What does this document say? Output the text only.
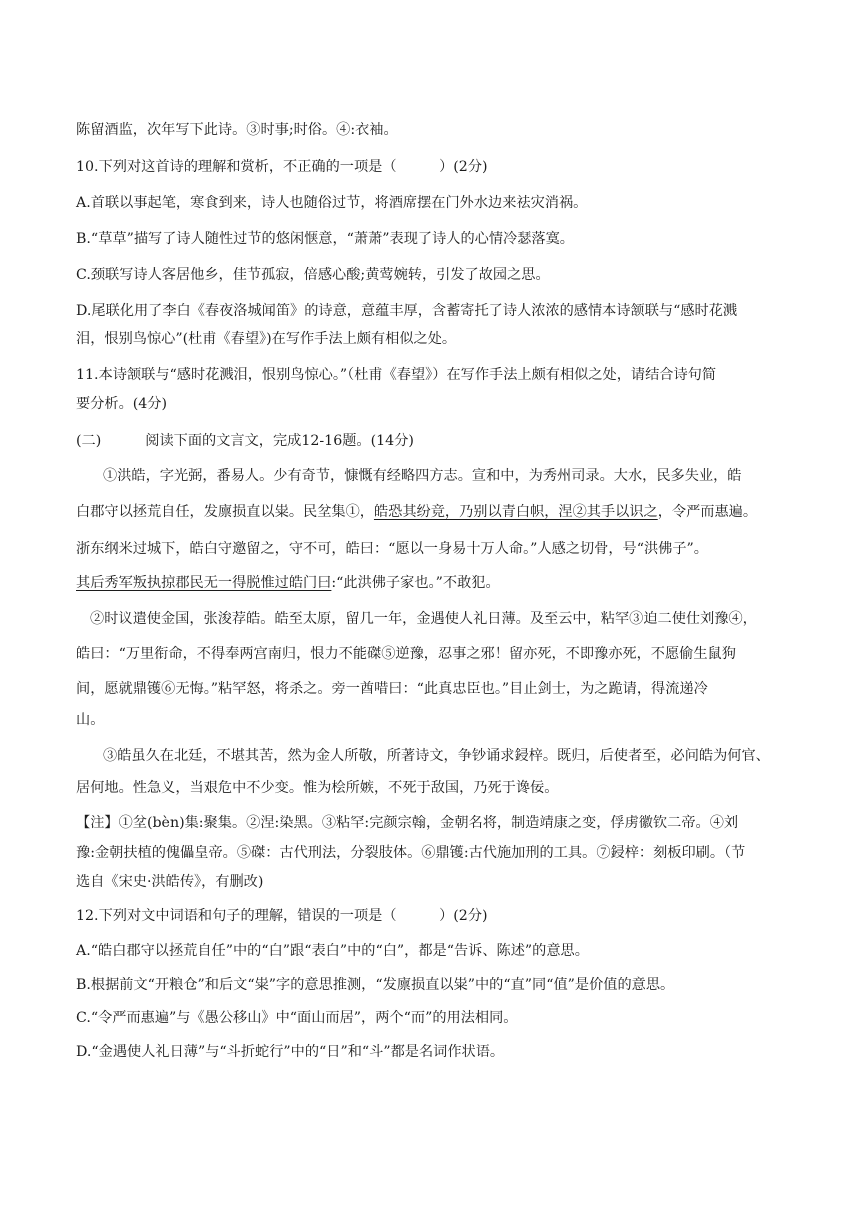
陈留酒监，次年写下此诗。③时事;时俗。④:衣袖。
10.下列对这首诗的理解和赏析，不正确的一项是（　　　）(2分)
A.首联以事起笔，寒食到来，诗人也随俗过节，将酒席摆在门外水边来祛灾消祸。
B.“草草”描写了诗人随性过节的悠闲惬意，“萧萧”表现了诗人的心情冷瑟落寞。
C.颈联写诗人客居他乡，佳节孤寂，倍感心酸;黄莺婉转，引发了故园之思。
D.尾联化用了李白《春夜洛城闻笛》的诗意，意蕴丰厚，含蓄寄托了诗人浓浓的感情本诗颔联与“感时花溅
泪，恨别鸟惊心”(杜甫《春望》)在写作手法上颇有相似之处。
11.本诗颔联与“感时花溅泪，恨别鸟惊心。”（杜甫《春望》）在写作手法上颇有相似之处，请结合诗句简
要分析。(4分)
(二)	阅读下面的文言文，完成12-16题。(14分)
①洪皓，字光弼，番易人。少有奇节，慷慨有经略四方志。宣和中，为秀州司录。大水，民多失业，皓
白郡守以拯荒自任，发廪损直以粜。民坌集①，皓恐其纷竞，乃别以青白帜，涅②其手以识之，令严而惠遍。
浙东纲米过城下，皓白守邀留之，守不可，皓曰：“愿以一身易十万人命。”人感之切骨，号“洪佛子”。
其后秀军叛执掠郡民无一得脱惟过皓门曰:“此洪佛子家也。”不敢犯。
②时议遣使金国，张浚荐皓。皓至太原，留几一年，金遇使人礼日薄。及至云中，粘罕③迫二使仕刘豫④，
皓曰：“万里衔命，不得奉两宫南归，恨力不能磔⑤逆豫，忍事之邪！留亦死，不即豫亦死，不愿偷生鼠狗
间，愿就鼎镬⑥无悔。”粘罕怒，将杀之。旁一酋唶曰：“此真忠臣也。”目止剑士，为之跪请，得流递冷
山。
③皓虽久在北廷，不堪其苦，然为金人所敬，所著诗文，争钞诵求鋟梓。既归，后使者至，必问皓为何官、
居何地。性急义，当艰危中不少变。惟为桧所嫉，不死于敌国，乃死于谗佞。
【注】①坌(bèn)集:聚集。②涅:染黑。③粘罕:完颜宗翰，金朝名将，制造靖康之变，俘虏徽钦二帝。④刘
豫:金朝扶植的傀儡皇帝。⑤磔：古代刑法，分裂肢体。⑥鼎镬:古代施加刑的工具。⑦鋟梓：刻板印刷。（节
选自《宋史·洪皓传》，有删改)
12.下列对文中词语和句子的理解，错误的一项是（　　　）(2分)
A.“皓白郡守以拯荒自任”中的“白”跟“表白”中的“白”，都是“告诉、陈述”的意思。
B.根据前文“开粮仓”和后文“粜”字的意思推测，“发廪损直以粜”中的“直”同“值”是价值的意思。
C.“令严而惠遍”与《愚公移山》中“面山而居”，两个“而”的用法相同。
D.“金遇使人礼日薄”与“斗折蛇行”中的“日”和“斗”都是名词作状语。
